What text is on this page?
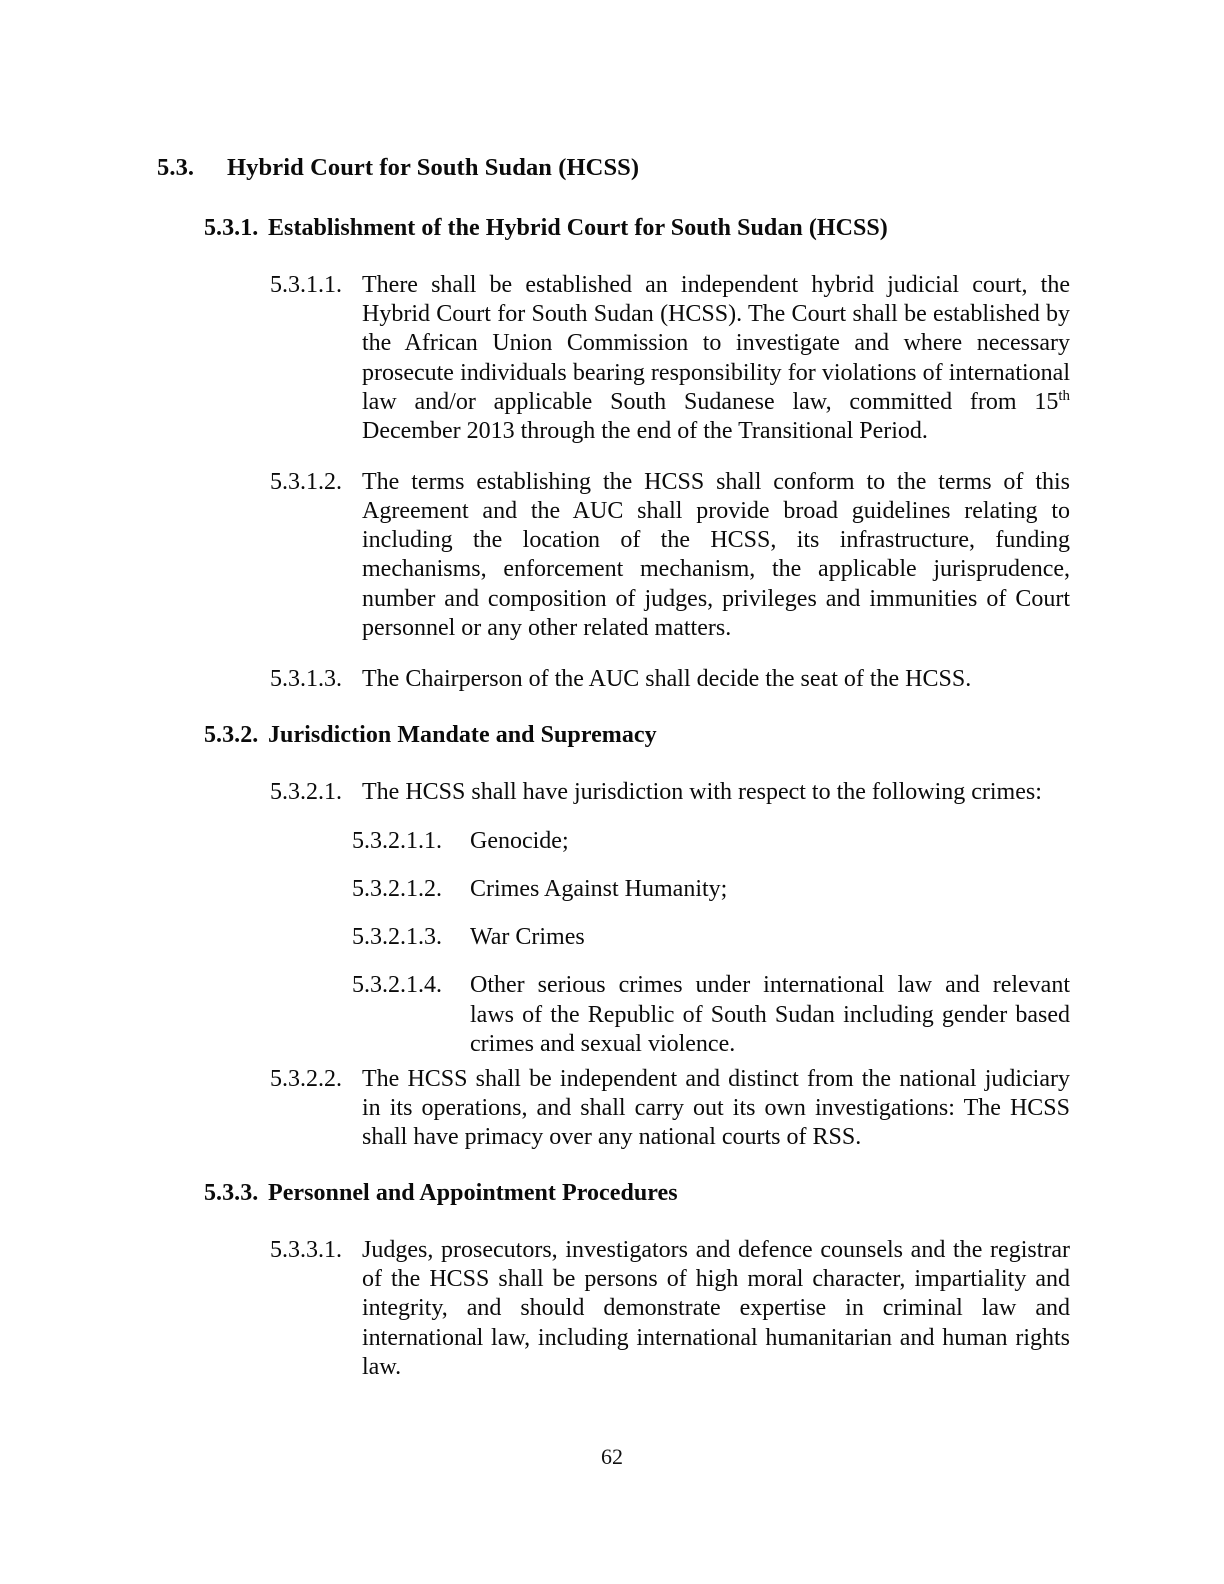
5.3.	Hybrid Court for South Sudan (HCSS)
5.3.1. Establishment of the Hybrid Court for South Sudan (HCSS)
5.3.1.1. There shall be established an independent hybrid judicial court, the Hybrid Court for South Sudan (HCSS). The Court shall be established by the African Union Commission to investigate and where necessary prosecute individuals bearing responsibility for violations of international law and/or applicable South Sudanese law, committed from 15th December 2013 through the end of the Transitional Period.
5.3.1.2. The terms establishing the HCSS shall conform to the terms of this Agreement and the AUC shall provide broad guidelines relating to including the location of the HCSS, its infrastructure, funding mechanisms, enforcement mechanism, the applicable jurisprudence, number and composition of judges, privileges and immunities of Court personnel or any other related matters.
5.3.1.3. The Chairperson of the AUC shall decide the seat of the HCSS.
5.3.2. Jurisdiction Mandate and Supremacy
5.3.2.1. The HCSS shall have jurisdiction with respect to the following crimes:
5.3.2.1.1.	Genocide;
5.3.2.1.2.	Crimes Against Humanity;
5.3.2.1.3.	War Crimes
5.3.2.1.4.	Other serious crimes under international law and relevant laws of the Republic of South Sudan including gender based crimes and sexual violence.
5.3.2.2. The HCSS shall be independent and distinct from the national judiciary in its operations, and shall carry out its own investigations: The HCSS shall have primacy over any national courts of RSS.
5.3.3. Personnel and Appointment Procedures
5.3.3.1. Judges, prosecutors, investigators and defence counsels and the registrar of the HCSS shall be persons of high moral character, impartiality and integrity, and should demonstrate expertise in criminal law and international law, including international humanitarian and human rights law.
62
